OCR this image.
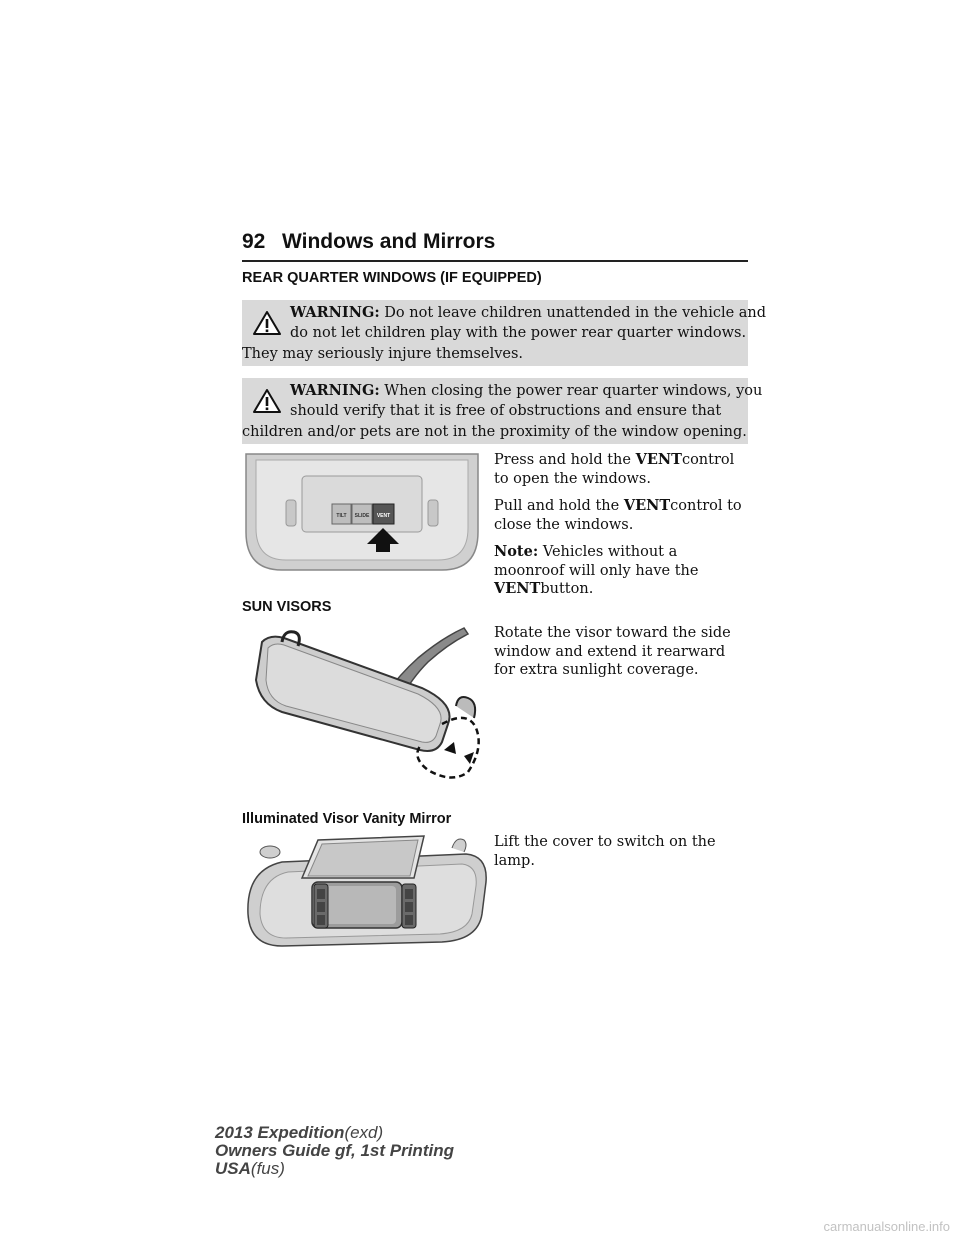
92 Windows and Mirrors
REAR QUARTER WINDOWS (IF EQUIPPED)
WARNING: Do not leave children unattended in the vehicle and
do not let children play with the power rear quarter windows.
They may seriously injure themselves.
WARNING: When closing the power rear quarter windows, you
should verify that it is free of obstructions and ensure that
children and/or pets are not in the proximity of the window opening.
TILT SLIDE VENT

Press and hold the VENTcontrol to open the windows.

Pull and hold the VENTcontrol to close the windows.

Note: Vehicles without a moonroof will only have the VENTbutton.

SUN VISORS

Rotate the visor toward the side window and extend it rearward for extra sunlight coverage.

Illuminated Visor Vanity Mirror

Lift the cover to switch on the lamp.

2013 Expedition(exd)
Owners Guide gf, 1st Printing
USA(fus)
carmanualsonline.info
